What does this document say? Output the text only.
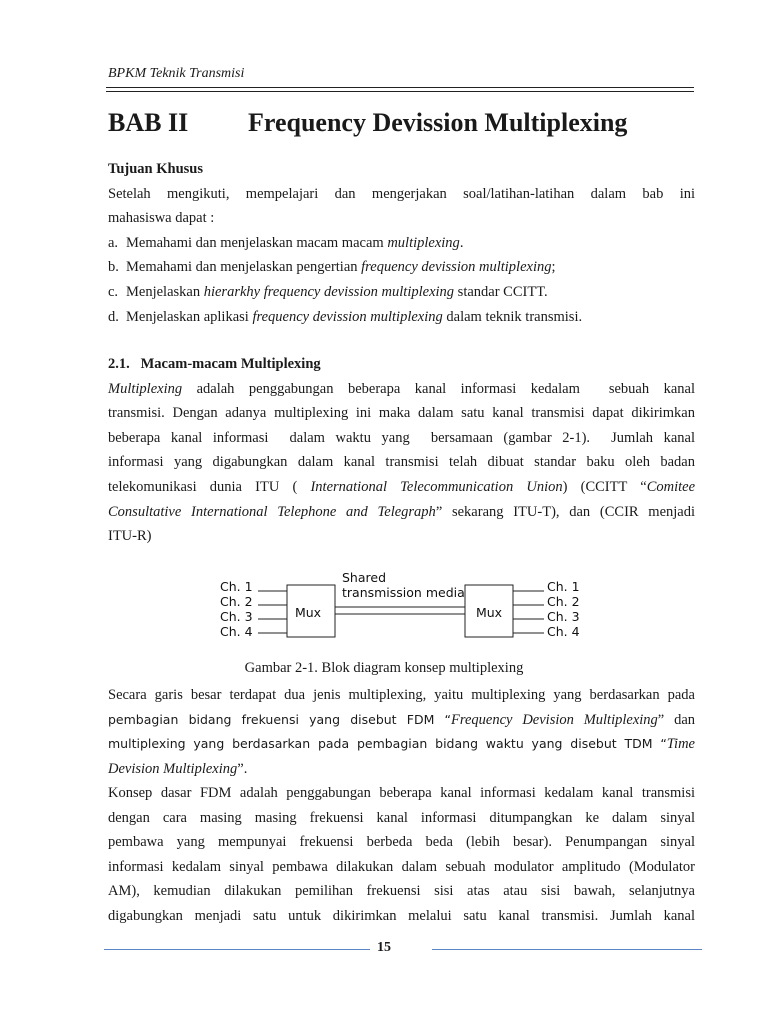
BPKM Teknik Transmisi
BAB II Frequency Devission Multiplexing
Tujuan Khusus
Setelah mengikuti, mempelajari dan mengerjakan soal/latihan-latihan dalam bab ini
mahasiswa dapat :
a. Memahami dan menjelaskan macam macam multiplexing.
b. Memahami dan menjelaskan pengertian frequency devission multiplexing;
c. Menjelaskan hierarkhy frequency devission multiplexing standar CCITT.
d. Menjelaskan aplikasi frequency devission multiplexing dalam teknik transmisi.
2.1.   Macam-macam Multiplexing
Multiplexing adalah penggabungan beberapa kanal informasi kedalam  sebuah kanal
transmisi. Dengan adanya multiplexing ini maka dalam satu kanal transmisi dapat dikirimkan
beberapa kanal informasi  dalam waktu yang  bersamaan (gambar 2-1).  Jumlah kanal
informasi yang digabungkan dalam kanal transmisi telah dibuat standar baku oleh badan
telekomunikasi dunia ITU ( International Telecommunication Union) (CCITT “Comitee
Consultative International Telephone and Telegraph” sekarang ITU-T), dan (CCIR menjadi
ITU-R)
Ch. 1
Ch. 2
Ch. 3
Ch. 4
Ch. 1
Ch. 2
Ch. 3
Ch. 4
Shared
transmission media
Mux	Mux
Gambar 2-1. Blok diagram konsep multiplexing
Secara garis besar terdapat dua jenis multiplexing, yaitu multiplexing yang berdasarkan pada
pembagian bidang frekuensi yang disebut FDM “Frequency Devision Multiplexing” dan
multiplexing yang berdasarkan pada pembagian bidang waktu yang disebut TDM “Time
Devision Multiplexing”.
Konsep dasar FDM adalah penggabungan beberapa kanal informasi kedalam kanal transmisi
dengan cara masing masing frekuensi kanal informasi ditumpangkan ke dalam sinyal
pembawa yang mempunyai frekuensi berbeda beda (lebih besar). Penumpangan sinyal
informasi kedalam sinyal pembawa dilakukan dalam sebuah modulator amplitudo (Modulator
AM), kemudian dilakukan pemilihan frekuensi sisi atas atau sisi bawah, selanjutnya
digabungkan menjadi satu untuk dikirimkan melalui satu kanal transmisi. Jumlah kanal
15
